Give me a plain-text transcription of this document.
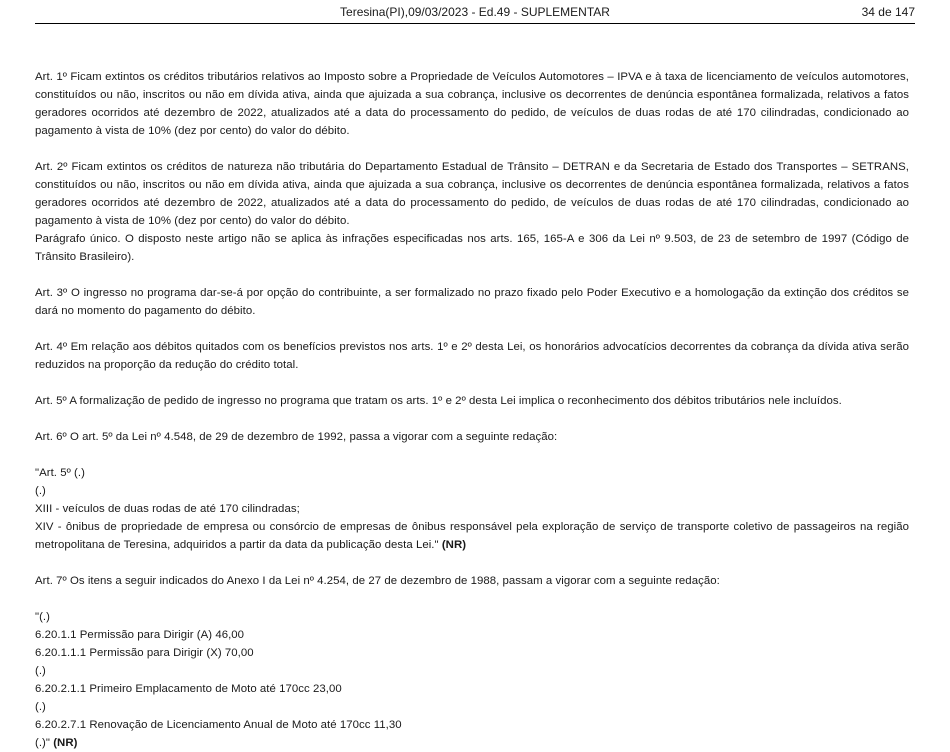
Teresina(PI),09/03/2023 - Ed.49 - SUPLEMENTAR	34 de 147

Art. 1º Ficam extintos os créditos tributários relativos ao Imposto sobre a Propriedade de Veículos Automotores – IPVA e à taxa de licenciamento de veículos automotores, constituídos ou não, inscritos ou não em dívida ativa, ainda que ajuizada a sua cobrança, inclusive os decorrentes de denúncia espontânea formalizada, relativos a fatos geradores ocorridos até dezembro de 2022, atualizados até a data do processamento do pedido, de veículos de duas rodas de até 170 cilindradas, condicionado ao pagamento à vista de 10% (dez por cento) do valor do débito.

Art. 2º Ficam extintos os créditos de natureza não tributária do Departamento Estadual de Trânsito – DETRAN e da Secretaria de Estado dos Transportes – SETRANS, constituídos ou não, inscritos ou não em dívida ativa, ainda que ajuizada a sua cobrança, inclusive os decorrentes de denúncia espontânea formalizada, relativos a fatos geradores ocorridos até dezembro de 2022, atualizados até a data do processamento do pedido, de veículos de duas rodas de até 170 cilindradas, condicionado ao pagamento à vista de 10% (dez por cento) do valor do débito.

Parágrafo único. O disposto neste artigo não se aplica às infrações especificadas nos arts. 165, 165-A e 306 da Lei nº 9.503, de 23 de setembro de 1997 (Código de Trânsito Brasileiro).

Art. 3º O ingresso no programa dar-se-á por opção do contribuinte, a ser formalizado no prazo fixado pelo Poder Executivo e a homologação da extinção dos créditos se dará no momento do pagamento do débito.

Art. 4º Em relação aos débitos quitados com os benefícios previstos nos arts. 1º e 2º desta Lei, os honorários advocatícios decorrentes da cobrança da dívida ativa serão reduzidos na proporção da redução do crédito total.

Art. 5º A formalização de pedido de ingresso no programa que tratam os arts. 1º e 2º desta Lei implica o reconhecimento dos débitos tributários nele incluídos.

Art. 6º O art. 5º da Lei nº 4.548, de 29 de dezembro de 1992, passa a vigorar com a seguinte redação:

"Art. 5º (.)
(.)
XIII - veículos de duas rodas de até 170 cilindradas;

XIV - ônibus de propriedade de empresa ou consórcio de empresas de ônibus responsável pela exploração de serviço de transporte coletivo de passageiros na região metropolitana de Teresina, adquiridos a partir da data da publicação desta Lei." (NR)

Art. 7º Os itens a seguir indicados do Anexo I da Lei nº 4.254, de 27 de dezembro de 1988, passam a vigorar com a seguinte redação:

"(.)
6.20.1.1 Permissão para Dirigir (A) 46,00
6.20.1.1.1 Permissão para Dirigir (X) 70,00
(.)
6.20.2.1.1 Primeiro Emplacamento de Moto até 170cc 23,00
(.)
6.20.2.7.1 Renovação de Licenciamento Anual de Moto até 170cc 11,30
(.)" (NR)
